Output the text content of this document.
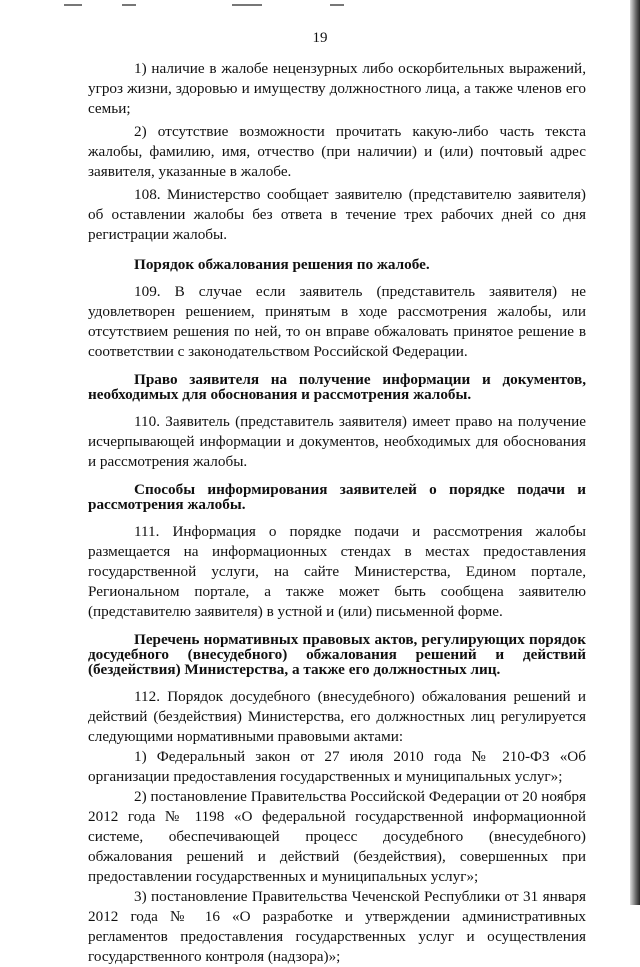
19

1) наличие в жалобе нецензурных либо оскорбительных выражений, угроз жизни, здоровью и имуществу должностного лица, а также членов его семьи;

2) отсутствие возможности прочитать какую-либо часть текста жалобы, фамилию, имя, отчество (при наличии) и (или) почтовый адрес заявителя, указанные в жалобе.

108. Министерство сообщает заявителю (представителю заявителя) об оставлении жалобы без ответа в течение трех рабочих дней со дня регистрации жалобы.

Порядок обжалования решения по жалобе.

109. В случае если заявитель (представитель заявителя) не удовлетворен решением, принятым в ходе рассмотрения жалобы, или отсутствием решения по ней, то он вправе обжаловать принятое решение в соответствии с законодательством Российской Федерации.

Право заявителя на получение информации и документов, необходимых для обоснования и рассмотрения жалобы.

110. Заявитель (представитель заявителя) имеет право на получение исчерпывающей информации и документов, необходимых для обоснования и рассмотрения жалобы.

Способы информирования заявителей о порядке подачи и рассмотрения жалобы.

111. Информация о порядке подачи и рассмотрения жалобы размещается на информационных стендах в местах предоставления государственной услуги, на сайте Министерства, Едином портале, Региональном портале, а также может быть сообщена заявителю (представителю заявителя) в устной и (или) письменной форме.

Перечень нормативных правовых актов, регулирующих порядок досудебного (внесудебного) обжалования решений и действий (бездействия) Министерства, а также его должностных лиц.

112. Порядок досудебного (внесудебного) обжалования решений и действий (бездействия) Министерства, его должностных лиц регулируется следующими нормативными правовыми актами:

1) Федеральный закон от 27 июля 2010 года № 210-ФЗ «Об организации предоставления государственных и муниципальных услуг»;

2) постановление Правительства Российской Федерации от 20 ноября 2012 года № 1198 «О федеральной государственной информационной системе, обеспечивающей процесс досудебного (внесудебного) обжалования решений и действий (бездействия), совершенных при предоставлении государственных и муниципальных услуг»;

3) постановление Правительства Чеченской Республики от 31 января 2012 года № 16 «О разработке и утверждении административных регламентов предоставления государственных услуг и осуществления государственного контроля (надзора)»;
